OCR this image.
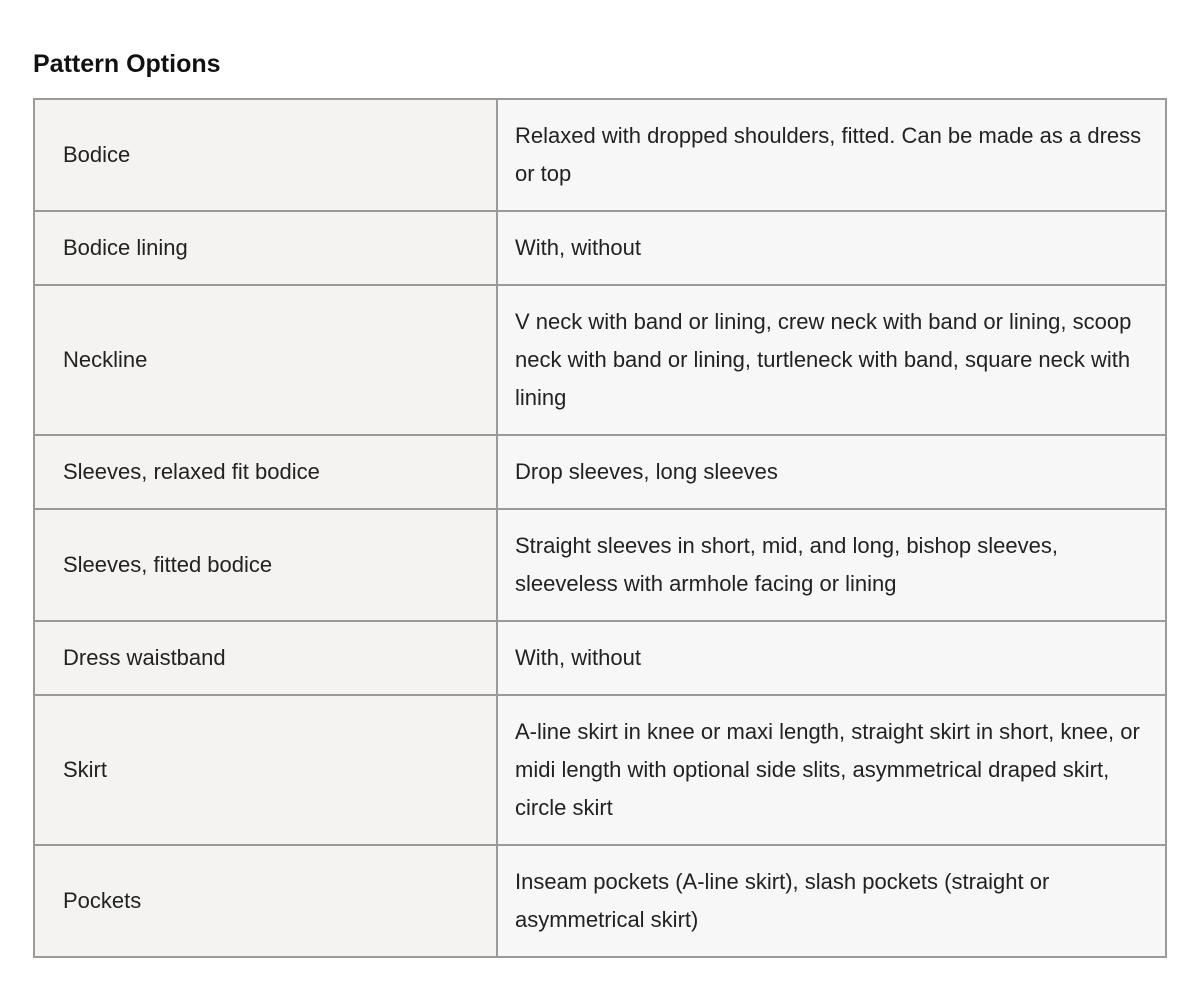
Pattern Options
Bodice	Relaxed with dropped shoulders, fitted. Can be made as a dress or top
Bodice lining	With, without
Neckline	V neck with band or lining, crew neck with band or lining, scoop neck with band or lining, turtleneck with band, square neck with lining
Sleeves, relaxed fit bodice	Drop sleeves, long sleeves
Sleeves, fitted bodice	Straight sleeves in short, mid, and long, bishop sleeves, sleeveless with armhole facing or lining
Dress waistband	With, without
Skirt	A-line skirt in knee or maxi length, straight skirt in short, knee, or midi length with optional side slits, asymmetrical draped skirt, circle skirt
Pockets	Inseam pockets (A-line skirt), slash pockets (straight or asymmetrical skirt)
